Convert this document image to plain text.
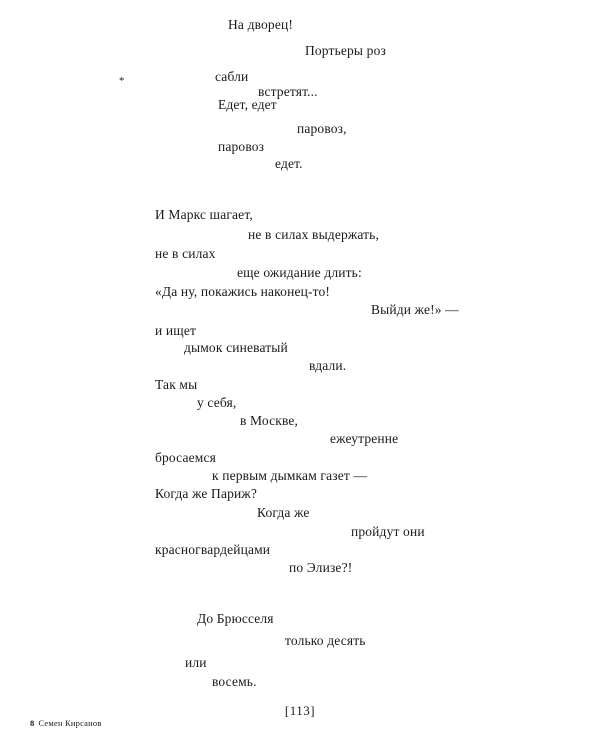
На дворец!
Портьеры роз
сабли
встретят...
Едет, едет
паровоз,
паровоз
едет.
И Маркс шагает,
не в силах выдержать,
не в силах
еще ожидание длить:
«Да ну, покажись наконец-то!
Выйди же!» —
и ищет
дымок синеватый
вдали.
Так мы
у себя,
в Москве,
ежеутренне
бросаемся
к первым дымкам газет —
Когда же Париж?
Когда же
пройдут они
красногвардейцами
по Элизе?!
До Брюсселя
только десять
или
восемь.
*
[113]
8 Семен Кирсанов
